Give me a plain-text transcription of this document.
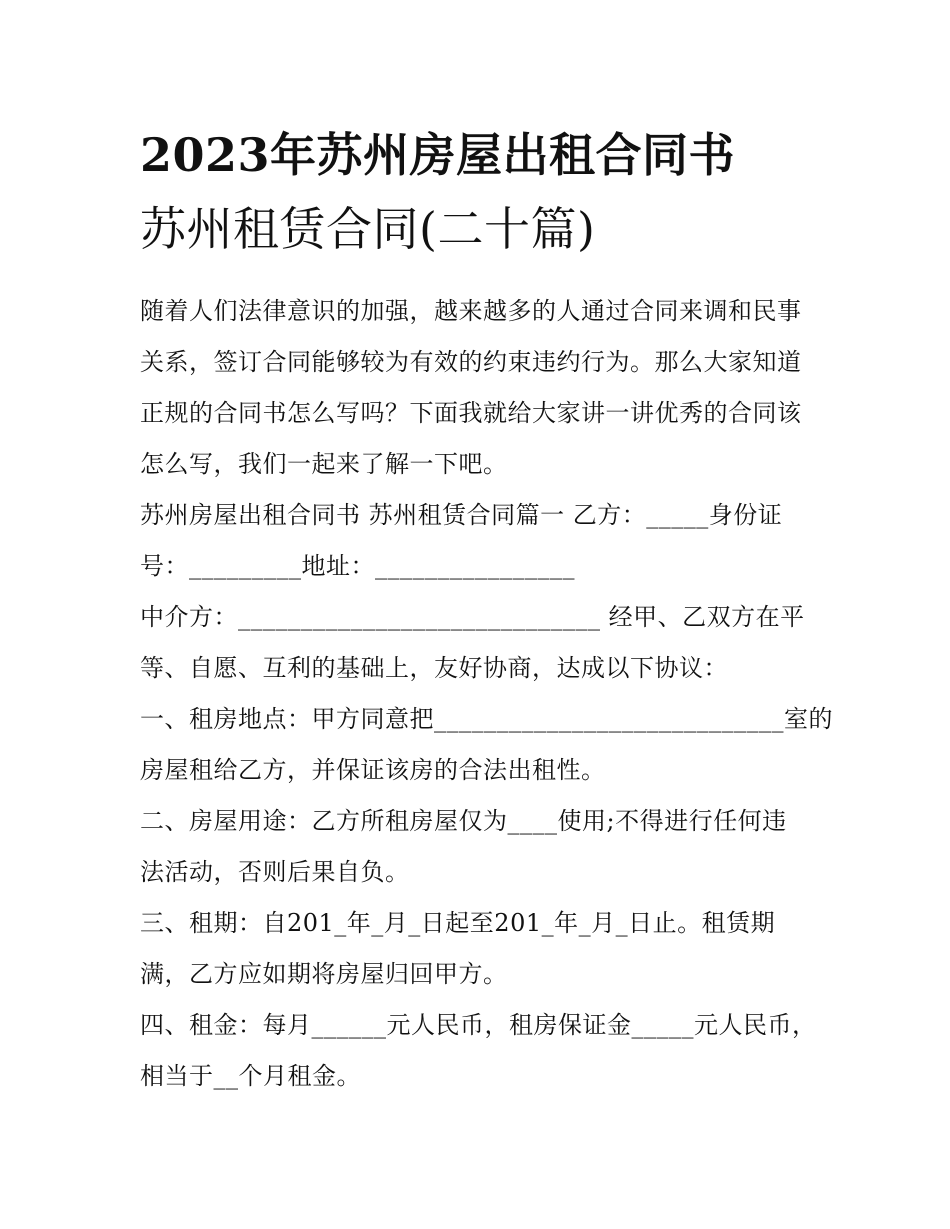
2023年苏州房屋出租合同书
苏州租赁合同(二十篇)
随着人们法律意识的加强，越来越多的人通过合同来调和民事
关系，签订合同能够较为有效的约束违约行为。那么大家知道
正规的合同书怎么写吗？下面我就给大家讲一讲优秀的合同该
怎么写，我们一起来了解一下吧。
苏州房屋出租合同书 苏州租赁合同篇一 乙方：_____身份证
号：_________地址：________________
中介方：_____________________________ 经甲、乙双方在平
等、自愿、互利的基础上，友好协商，达成以下协议：
一、租房地点：甲方同意把____________________________室的
房屋租给乙方，并保证该房的合法出租性。
二、房屋用途：乙方所租房屋仅为____使用;不得进行任何违
法活动，否则后果自负。
三、租期：自201_年_月_日起至201_年_月_日止。租赁期
满，乙方应如期将房屋归回甲方。
四、租金：每月______元人民币，租房保证金_____元人民币，
相当于__个月租金。
